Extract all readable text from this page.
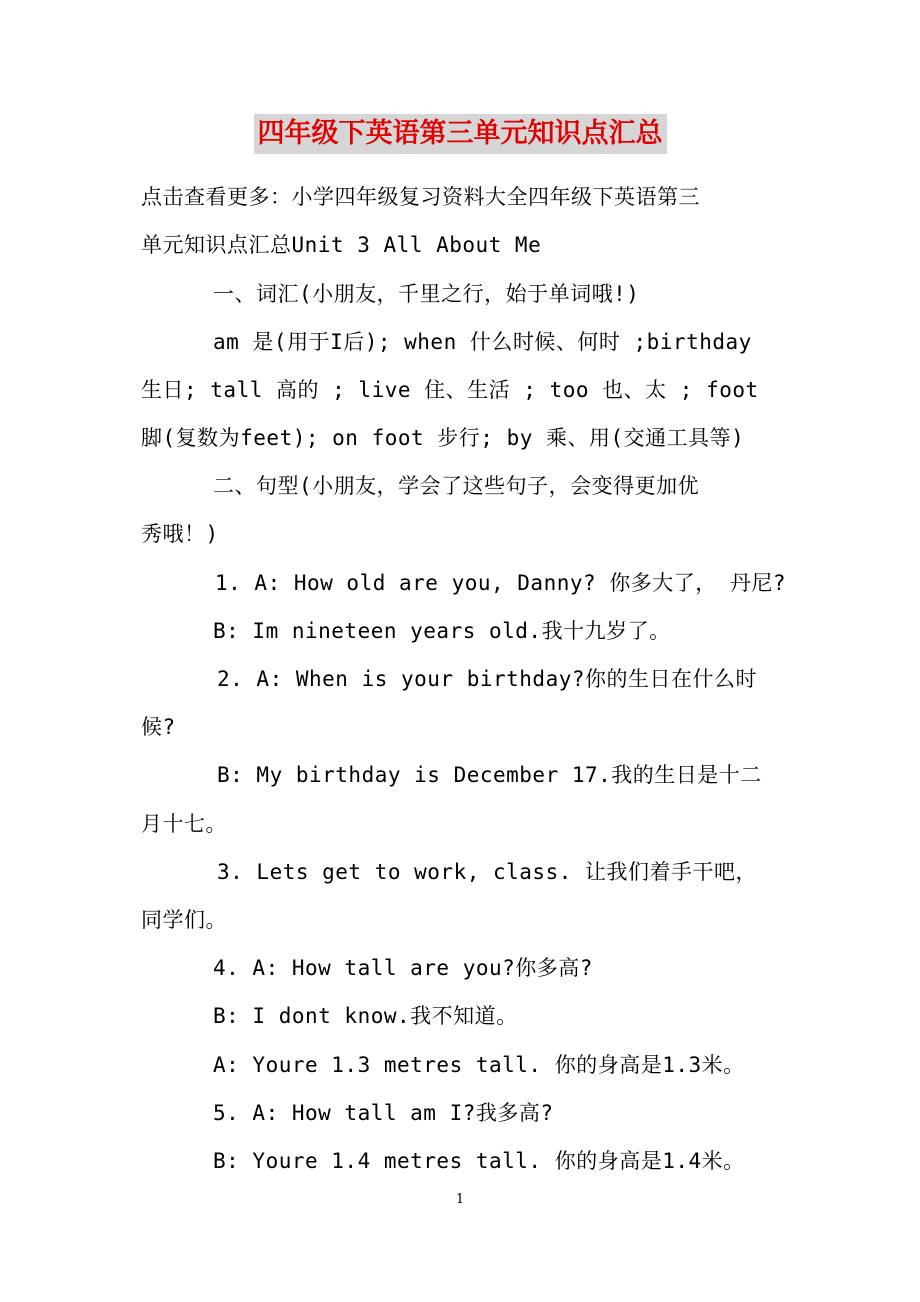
四年级下英语第三单元知识点汇总
点击查看更多：小学四年级复习资料大全四年级下英语第三
单元知识点汇总Unit 3 All About Me
一、词汇(小朋友，千里之行，始于单词哦!)
am 是(用于I后); when 什么时候、何时 ;birthday
生日; tall 高的 ; live 住、生活 ; too 也、太 ; foot
脚(复数为feet); on foot 步行; by 乘、用(交通工具等)
二、句型(小朋友，学会了这些句子，会变得更加优
秀哦！)
1. A: How old are you, Danny? 你多大了， 丹尼?
B: Im nineteen years old.我十九岁了。
2. A: When is your birthday?你的生日在什么时
候?
B: My birthday is December 17.我的生日是十二
月十七。
3. Lets get to work, class. 让我们着手干吧，
同学们。
4. A: How tall are you?你多高?
B: I dont know.我不知道。
A: Youre 1.3 metres tall. 你的身高是1.3米。
5. A: How tall am I?我多高?
B: Youre 1.4 metres tall. 你的身高是1.4米。
1
